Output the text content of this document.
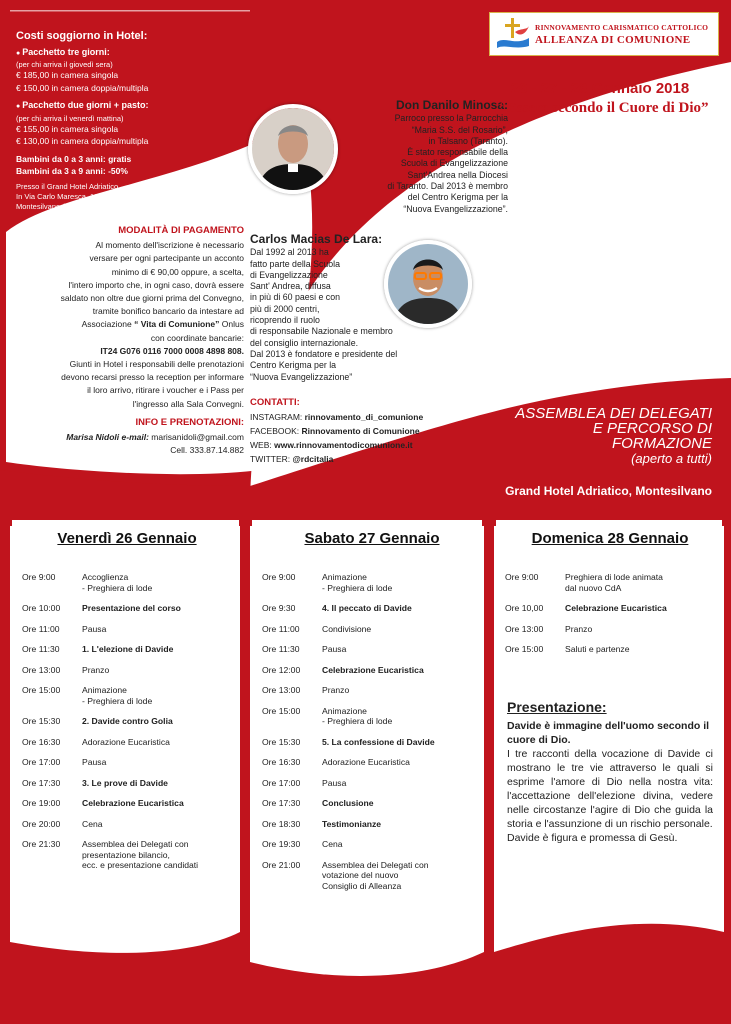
Costi soggiorno in Hotel:
● Pacchetto tre giorni:
(per chi arriva il giovedì sera)
€ 185,00 in camera singola
€ 150,00 in camera doppia/multipla
● Pacchetto due giorni + pasto:
(per chi arriva il venerdì mattina)
€ 155,00 in camera singola
€ 130,00 in camera doppia/multipla
Bambini da 0 a 3 anni: gratis
Bambini da 3 a 9 anni: -50%
Presso il Grand Hotel Adriatico
In Via Carlo Maresca, 10
Montesilvano (PE).
MODALITÀ DI PAGAMENTO
Al momento dell'iscrizione è necessario
versare per ogni partecipante un acconto
minimo di € 90,00 oppure, a scelta,
l'intero importo che, in ogni caso, dovrà essere
saldato non oltre due giorni prima del Convegno,
tramite bonifico bancario da intestare ad
Associazione “ Vita di Comunione” Onlus
con coordinate bancarie:
IT24 G076 0116 7000 0008 4898 808.
Giunti in Hotel i responsabili delle prenotazioni
devono recarsi presso la reception per informare
il loro arrivo, ritirare i voucher e i Pass per
l'ingresso alla Sala Convegni.
INFO E PRENOTAZIONI:
Marisa Nidoli e-mail: marisanidoli@gmail.com
Cell. 333.87.14.882
Don Danilo Minosa:
Parroco presso la Parrocchia
“Maria S.S. del Rosario”,
in Talsano (Taranto).
È stato responsabile della
Scuola di Evangelizzazione
Sant'Andrea nella Diocesi
di Taranto. Dal 2013 è membro
del Centro Kerigma per la
“Nuova Evangelizzazione”.
Carlos Macias De Lara:
Dal 1992 al 2013 ha
fatto parte della Scuola
di Evangelizzazione
Sant' Andrea, diffusa
in più di 60 paesi e con
più di 2000 centri,
ricoprendo il ruolo
di responsabile Nazionale e membro
del consiglio internazionale.
Dal 2013 è fondatore e presidente del
Centro Kerigma per la
“Nuova Evangelizzazione”
CONTATTI:
INSTAGRAM: rinnovamento_di_comunione
FACEBOOK: Rinnovamento di Comunione
WEB: www.rinnovamentodicomunione.it
TWITTER: @rdcitalia
RINNOVAMENTO CARISMATICO CATTOLICO
ALLEANZA DI COMUNIONE
26 - 27 - 28 Gennaio 2018
“Essere secondo il Cuore di Dio”
ASSEMBLEA DEI DELEGATI
E PERCORSO DI
FORMAZIONE
(aperto a tutti)
Grand Hotel Adriatico, Montesilvano
Venerdì 26 Gennaio
Ore 9:00	Accoglienza
- Preghiera di lode
Ore 10:00	Presentazione del corso
Ore 11:00	Pausa
Ore 11:30	1. L'elezione di Davide
Ore 13:00	Pranzo
Ore 15:00	Animazione
- Preghiera di lode
Ore 15:30	2. Davide contro Golia
Ore 16:30	Adorazione Eucaristica
Ore 17:00	Pausa
Ore 17:30	3. Le prove di Davide
Ore 19:00	Celebrazione Eucaristica
Ore 20:00	Cena
Ore 21:30	Assemblea dei Delegati con
presentazione bilancio,
ecc. e presentazione candidati
Sabato 27 Gennaio
Ore 9:00	Animazione
- Preghiera di lode
Ore 9:30	4. Il peccato di Davide
Ore 11:00	Condivisione
Ore 11:30	Pausa
Ore 12:00	Celebrazione Eucaristica
Ore 13:00	Pranzo
Ore 15:00	Animazione
- Preghiera di lode
Ore 15:30	5. La confessione di Davide
Ore 16:30	Adorazione Eucaristica
Ore 17:00	Pausa
Ore 17:30	Conclusione
Ore 18:30	Testimonianze
Ore 19:30	Cena
Ore 21:00	Assemblea dei Delegati con
votazione del nuovo
Consiglio di Alleanza
Domenica 28 Gennaio
Ore 9:00	Preghiera di lode animata
dal nuovo CdA
Ore 10,00	Celebrazione Eucaristica
Ore 13:00	Pranzo
Ore 15:00	Saluti e partenze
Presentazione:
Davide è immagine dell'uomo secondo il cuore di Dio.
I tre racconti della vocazione di Davide ci mostrano le tre vie attraverso le quali si esprime l'amore di Dio nella nostra vita: l'accettazione dell'elezione divina, vedere nelle circostanze l'agire di Dio che guida la storia e l'assunzione di un rischio personale.
Davide è figura e promessa di Gesù.
